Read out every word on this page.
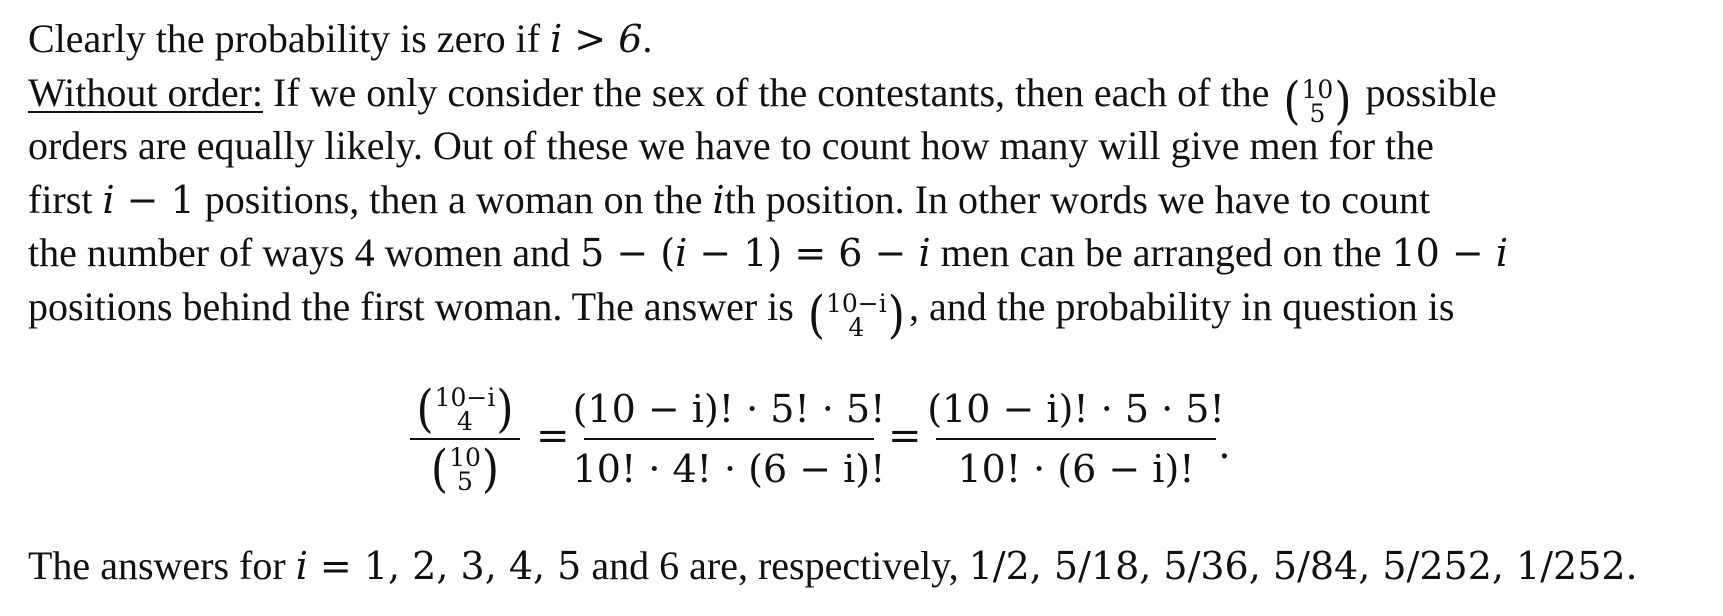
Clearly the probability is zero if i > 6.
Without order: If we only consider the sex of the contestants, then each of the ( 10
5 ) possible
orders are equally likely. Out of these we have to count how many will give men for the
first i − 1 positions, then a woman on the ith position. In other words we have to count
the number of ways 4 women and 5 − (i − 1) = 6 − i men can be arranged on the 10 − i
positions behind the first woman. The answer is ( 10−i
4 ) , and the probability in question is
( 10−i
4 )
( 10
5 )
=
(10 − i)! · 5! · 5!
10! · 4! · (6 − i)!
=
(10 − i)! · 5 · 5!
10! · (6 − i)!
.
The answers for i = 1, 2, 3, 4, 5 and 6 are, respectively, 1/2, 5/18, 5/36, 5/84, 5/252, 1/252.
